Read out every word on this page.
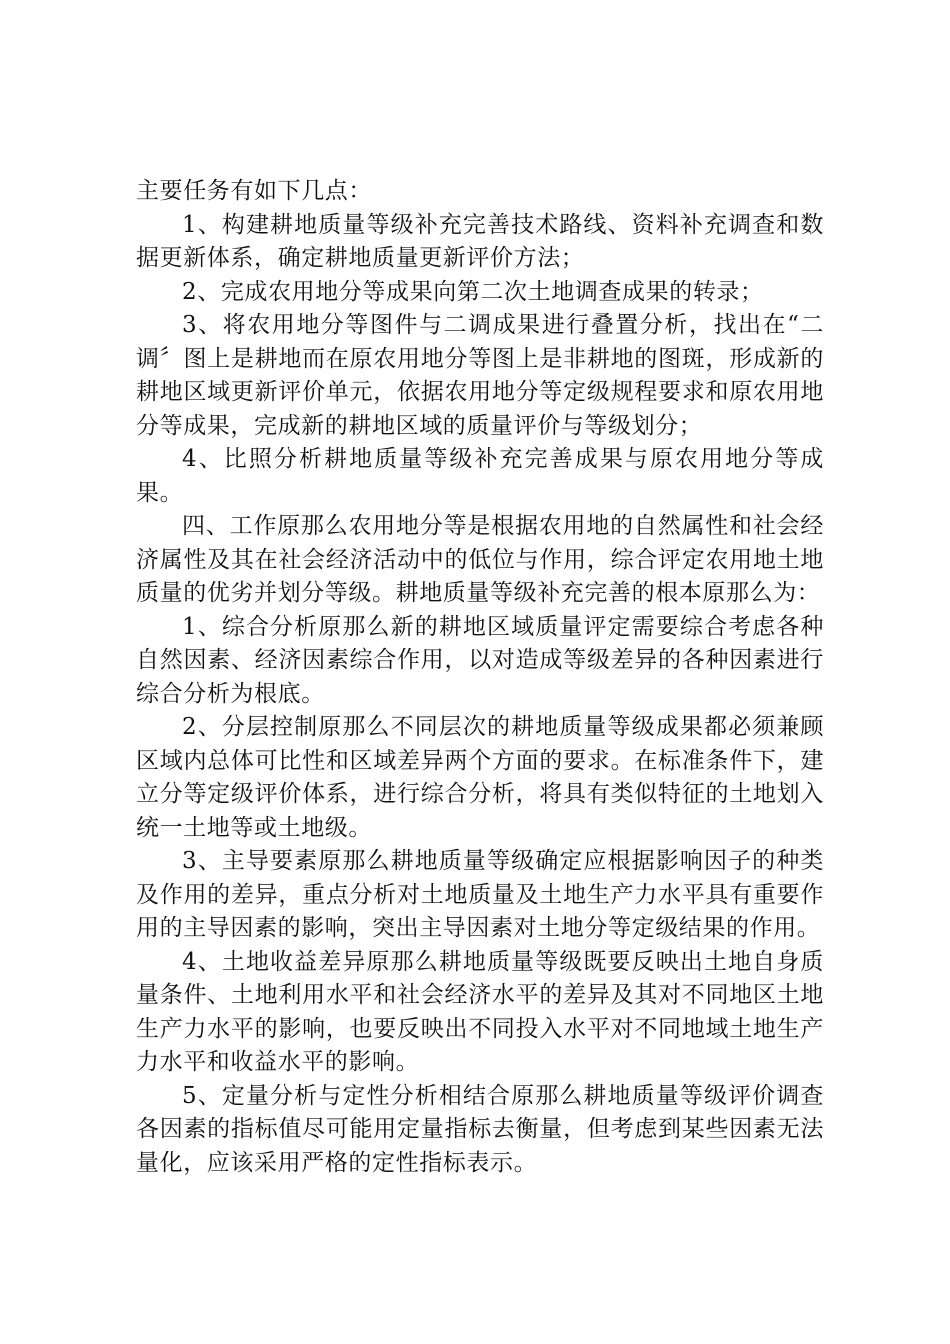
主要任务有如下几点：

1、构建耕地质量等级补充完善技术路线、资料补充调查和数据更新体系，确定耕地质量更新评价方法；

2、完成农用地分等成果向第二次土地调查成果的转录；

3、将农用地分等图件与二调成果进行叠置分析，找出在“二调〞图上是耕地而在原农用地分等图上是非耕地的图斑，形成新的耕地区域更新评价单元，依据农用地分等定级规程要求和原农用地分等成果，完成新的耕地区域的质量评价与等级划分；

4、比照分析耕地质量等级补充完善成果与原农用地分等成果。

四、工作原那么农用地分等是根据农用地的自然属性和社会经济属性及其在社会经济活动中的低位与作用，综合评定农用地土地质量的优劣并划分等级。耕地质量等级补充完善的根本原那么为：

1、综合分析原那么新的耕地区域质量评定需要综合考虑各种自然因素、经济因素综合作用，以对造成等级差异的各种因素进行综合分析为根底。

2、分层控制原那么不同层次的耕地质量等级成果都必须兼顾区域内总体可比性和区域差异两个方面的要求。在标准条件下，建立分等定级评价体系，进行综合分析，将具有类似特征的土地划入统一土地等或土地级。

3、主导要素原那么耕地质量等级确定应根据影响因子的种类及作用的差异，重点分析对土地质量及土地生产力水平具有重要作用的主导因素的影响，突出主导因素对土地分等定级结果的作用。

4、土地收益差异原那么耕地质量等级既要反映出土地自身质量条件、土地利用水平和社会经济水平的差异及其对不同地区土地生产力水平的影响，也要反映出不同投入水平对不同地域土地生产力水平和收益水平的影响。

5、定量分析与定性分析相结合原那么耕地质量等级评价调查各因素的指标值尽可能用定量指标去衡量，但考虑到某些因素无法量化，应该采用严格的定性指标表示。
